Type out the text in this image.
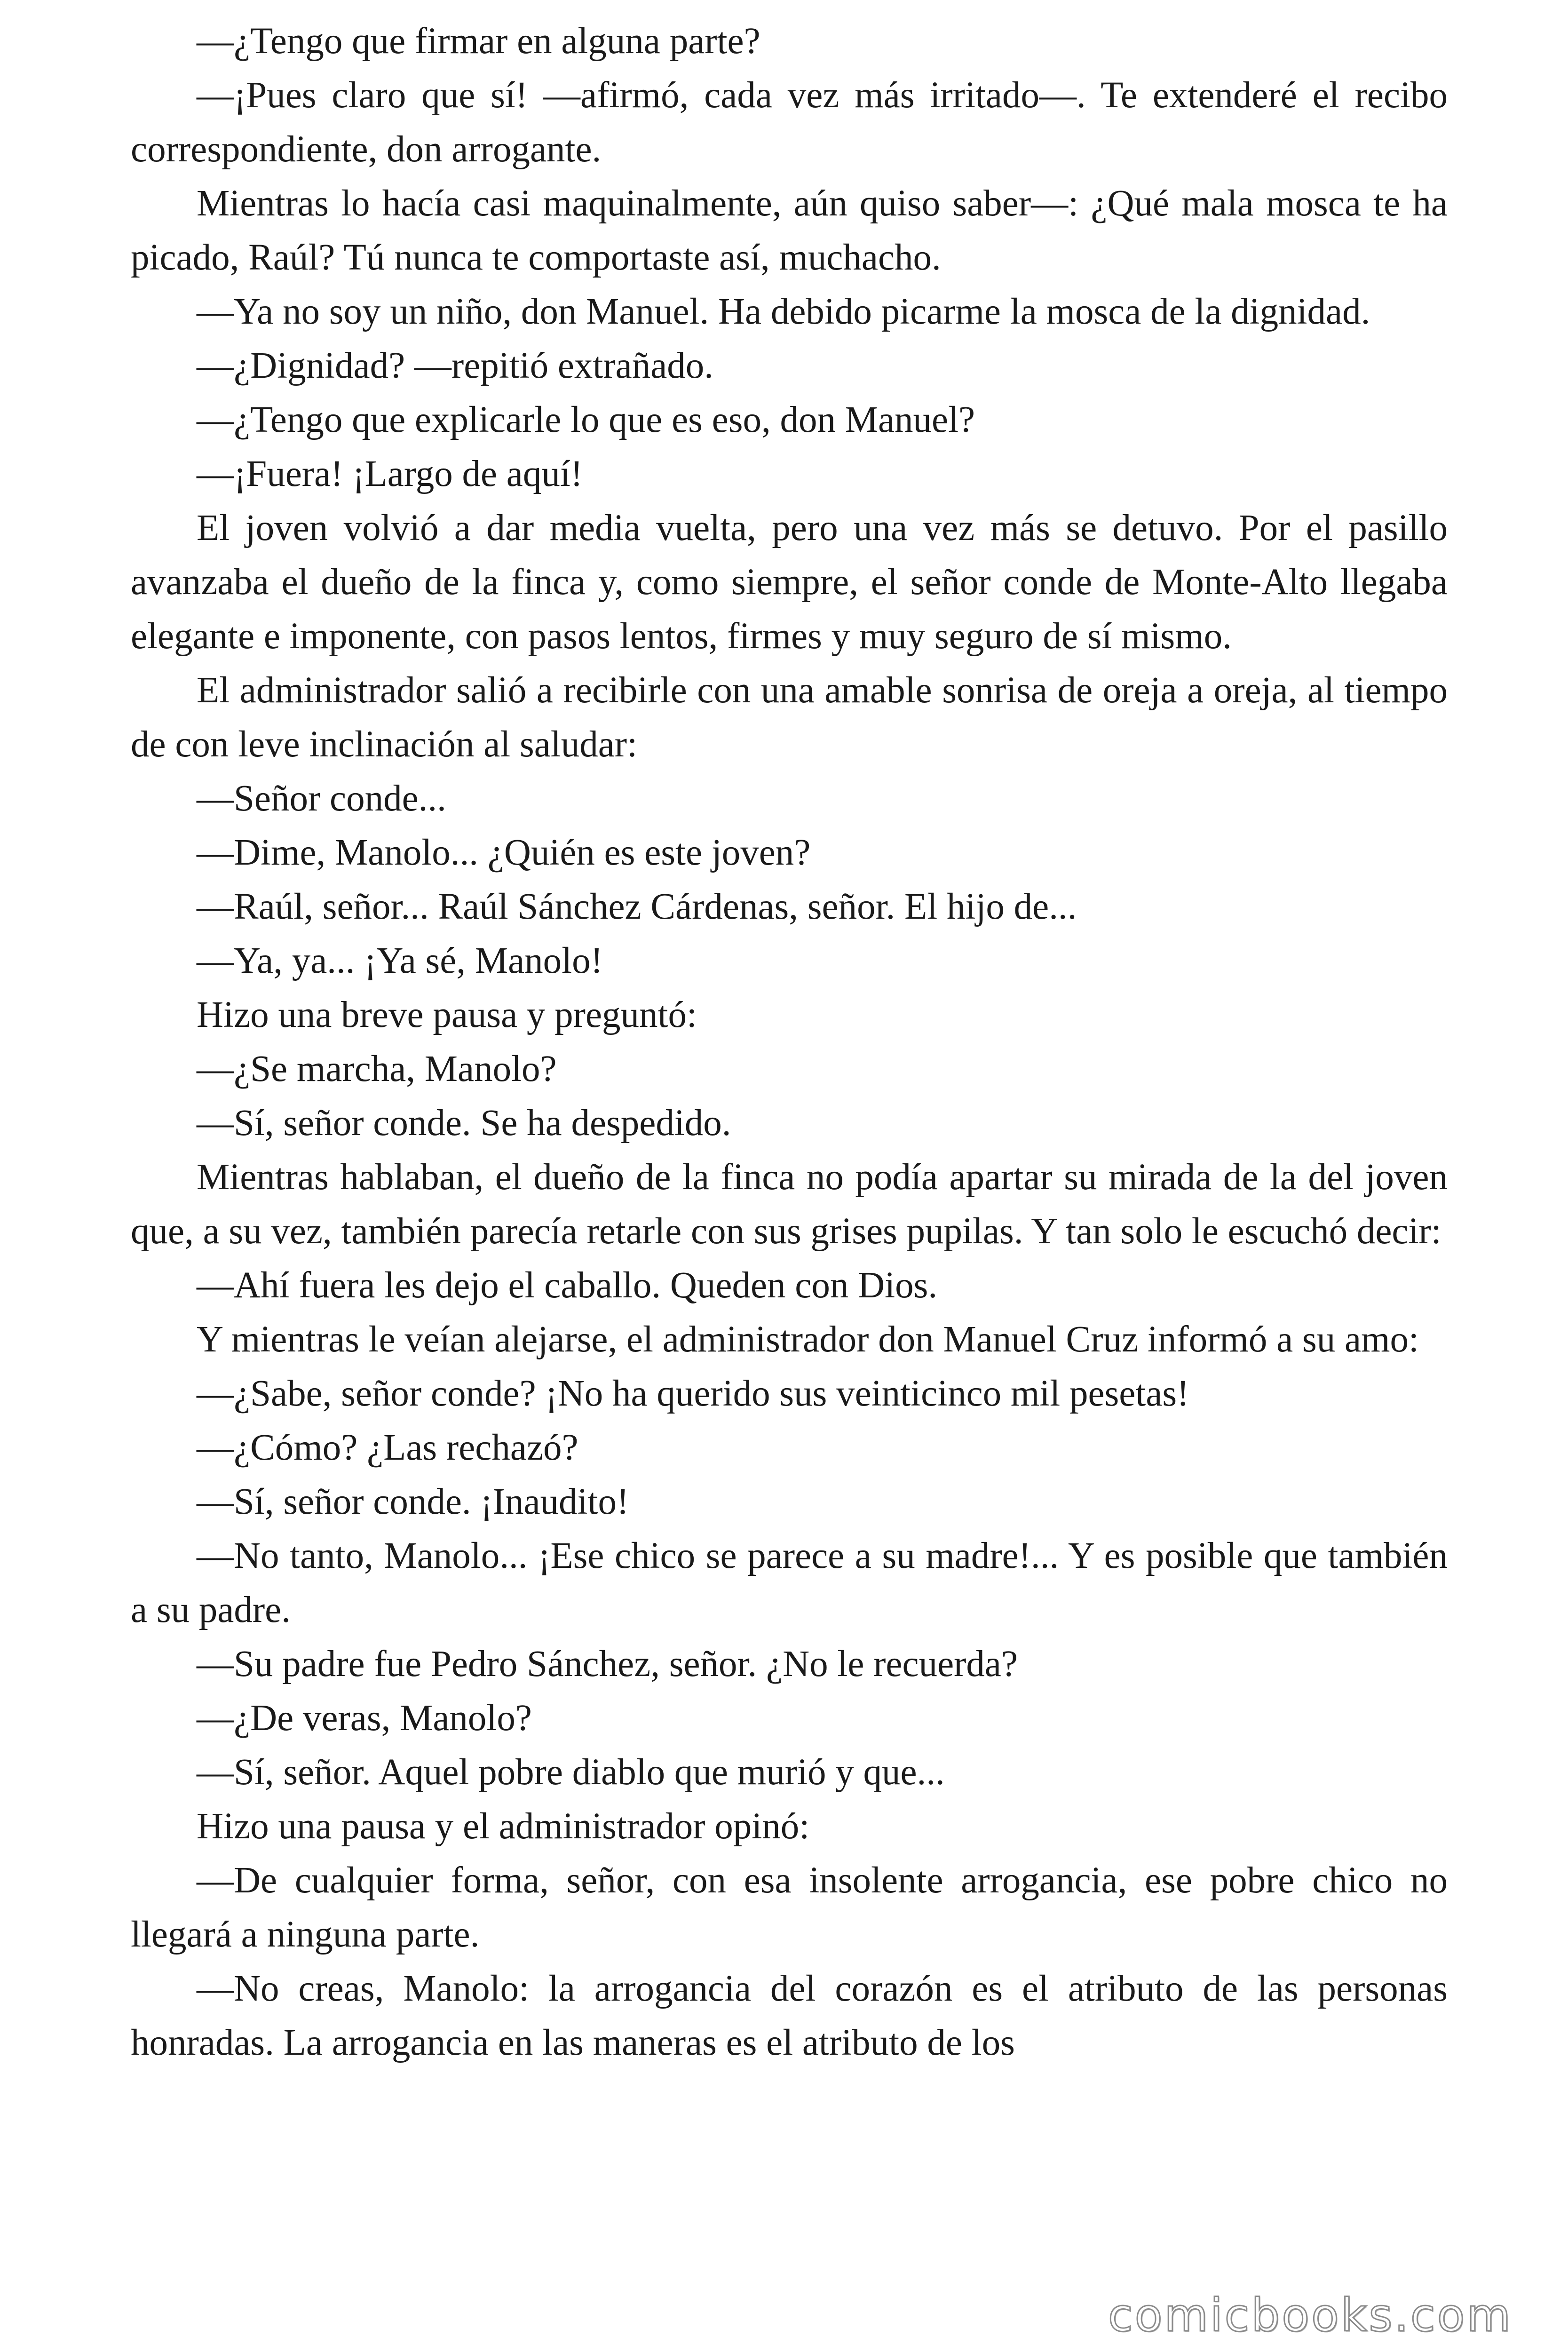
—¿Tengo que firmar en alguna parte?

—¡Pues claro que sí! —afirmó, cada vez más irritado—. Te extenderé el recibo correspondiente, don arrogante.

Mientras lo hacía casi maquinalmente, aún quiso saber—: ¿Qué mala mosca te ha picado, Raúl? Tú nunca te comportaste así, muchacho.

—Ya no soy un niño, don Manuel. Ha debido picarme la mosca de la dignidad.

—¿Dignidad? —repitió extrañado.

—¿Tengo que explicarle lo que es eso, don Manuel?

—¡Fuera! ¡Largo de aquí!

El joven volvió a dar media vuelta, pero una vez más se detuvo. Por el pasillo avanzaba el dueño de la finca y, como siempre, el señor conde de Monte-Alto llegaba elegante e imponente, con pasos lentos, firmes y muy seguro de sí mismo.

El administrador salió a recibirle con una amable sonrisa de oreja a oreja, al tiempo de con leve inclinación al saludar:

—Señor conde...

—Dime, Manolo... ¿Quién es este joven?

—Raúl, señor... Raúl Sánchez Cárdenas, señor. El hijo de...

—Ya, ya... ¡Ya sé, Manolo!

Hizo una breve pausa y preguntó:

—¿Se marcha, Manolo?

—Sí, señor conde. Se ha despedido.

Mientras hablaban, el dueño de la finca no podía apartar su mirada de la del joven que, a su vez, también parecía retarle con sus grises pupilas. Y tan solo le escuchó decir:

—Ahí fuera les dejo el caballo. Queden con Dios.

Y mientras le veían alejarse, el administrador don Manuel Cruz informó a su amo:

—¿Sabe, señor conde? ¡No ha querido sus veinticinco mil pesetas!

—¿Cómo? ¿Las rechazó?

—Sí, señor conde. ¡Inaudito!

—No tanto, Manolo... ¡Ese chico se parece a su madre!... Y es posible que también a su padre.

—Su padre fue Pedro Sánchez, señor. ¿No le recuerda?

—¿De veras, Manolo?

—Sí, señor. Aquel pobre diablo que murió y que...

Hizo una pausa y el administrador opinó:

—De cualquier forma, señor, con esa insolente arrogancia, ese pobre chico no llegará a ninguna parte.

—No creas, Manolo: la arrogancia del corazón es el atributo de las personas honradas. La arrogancia en las maneras es el atributo de los

comicbooks.com
